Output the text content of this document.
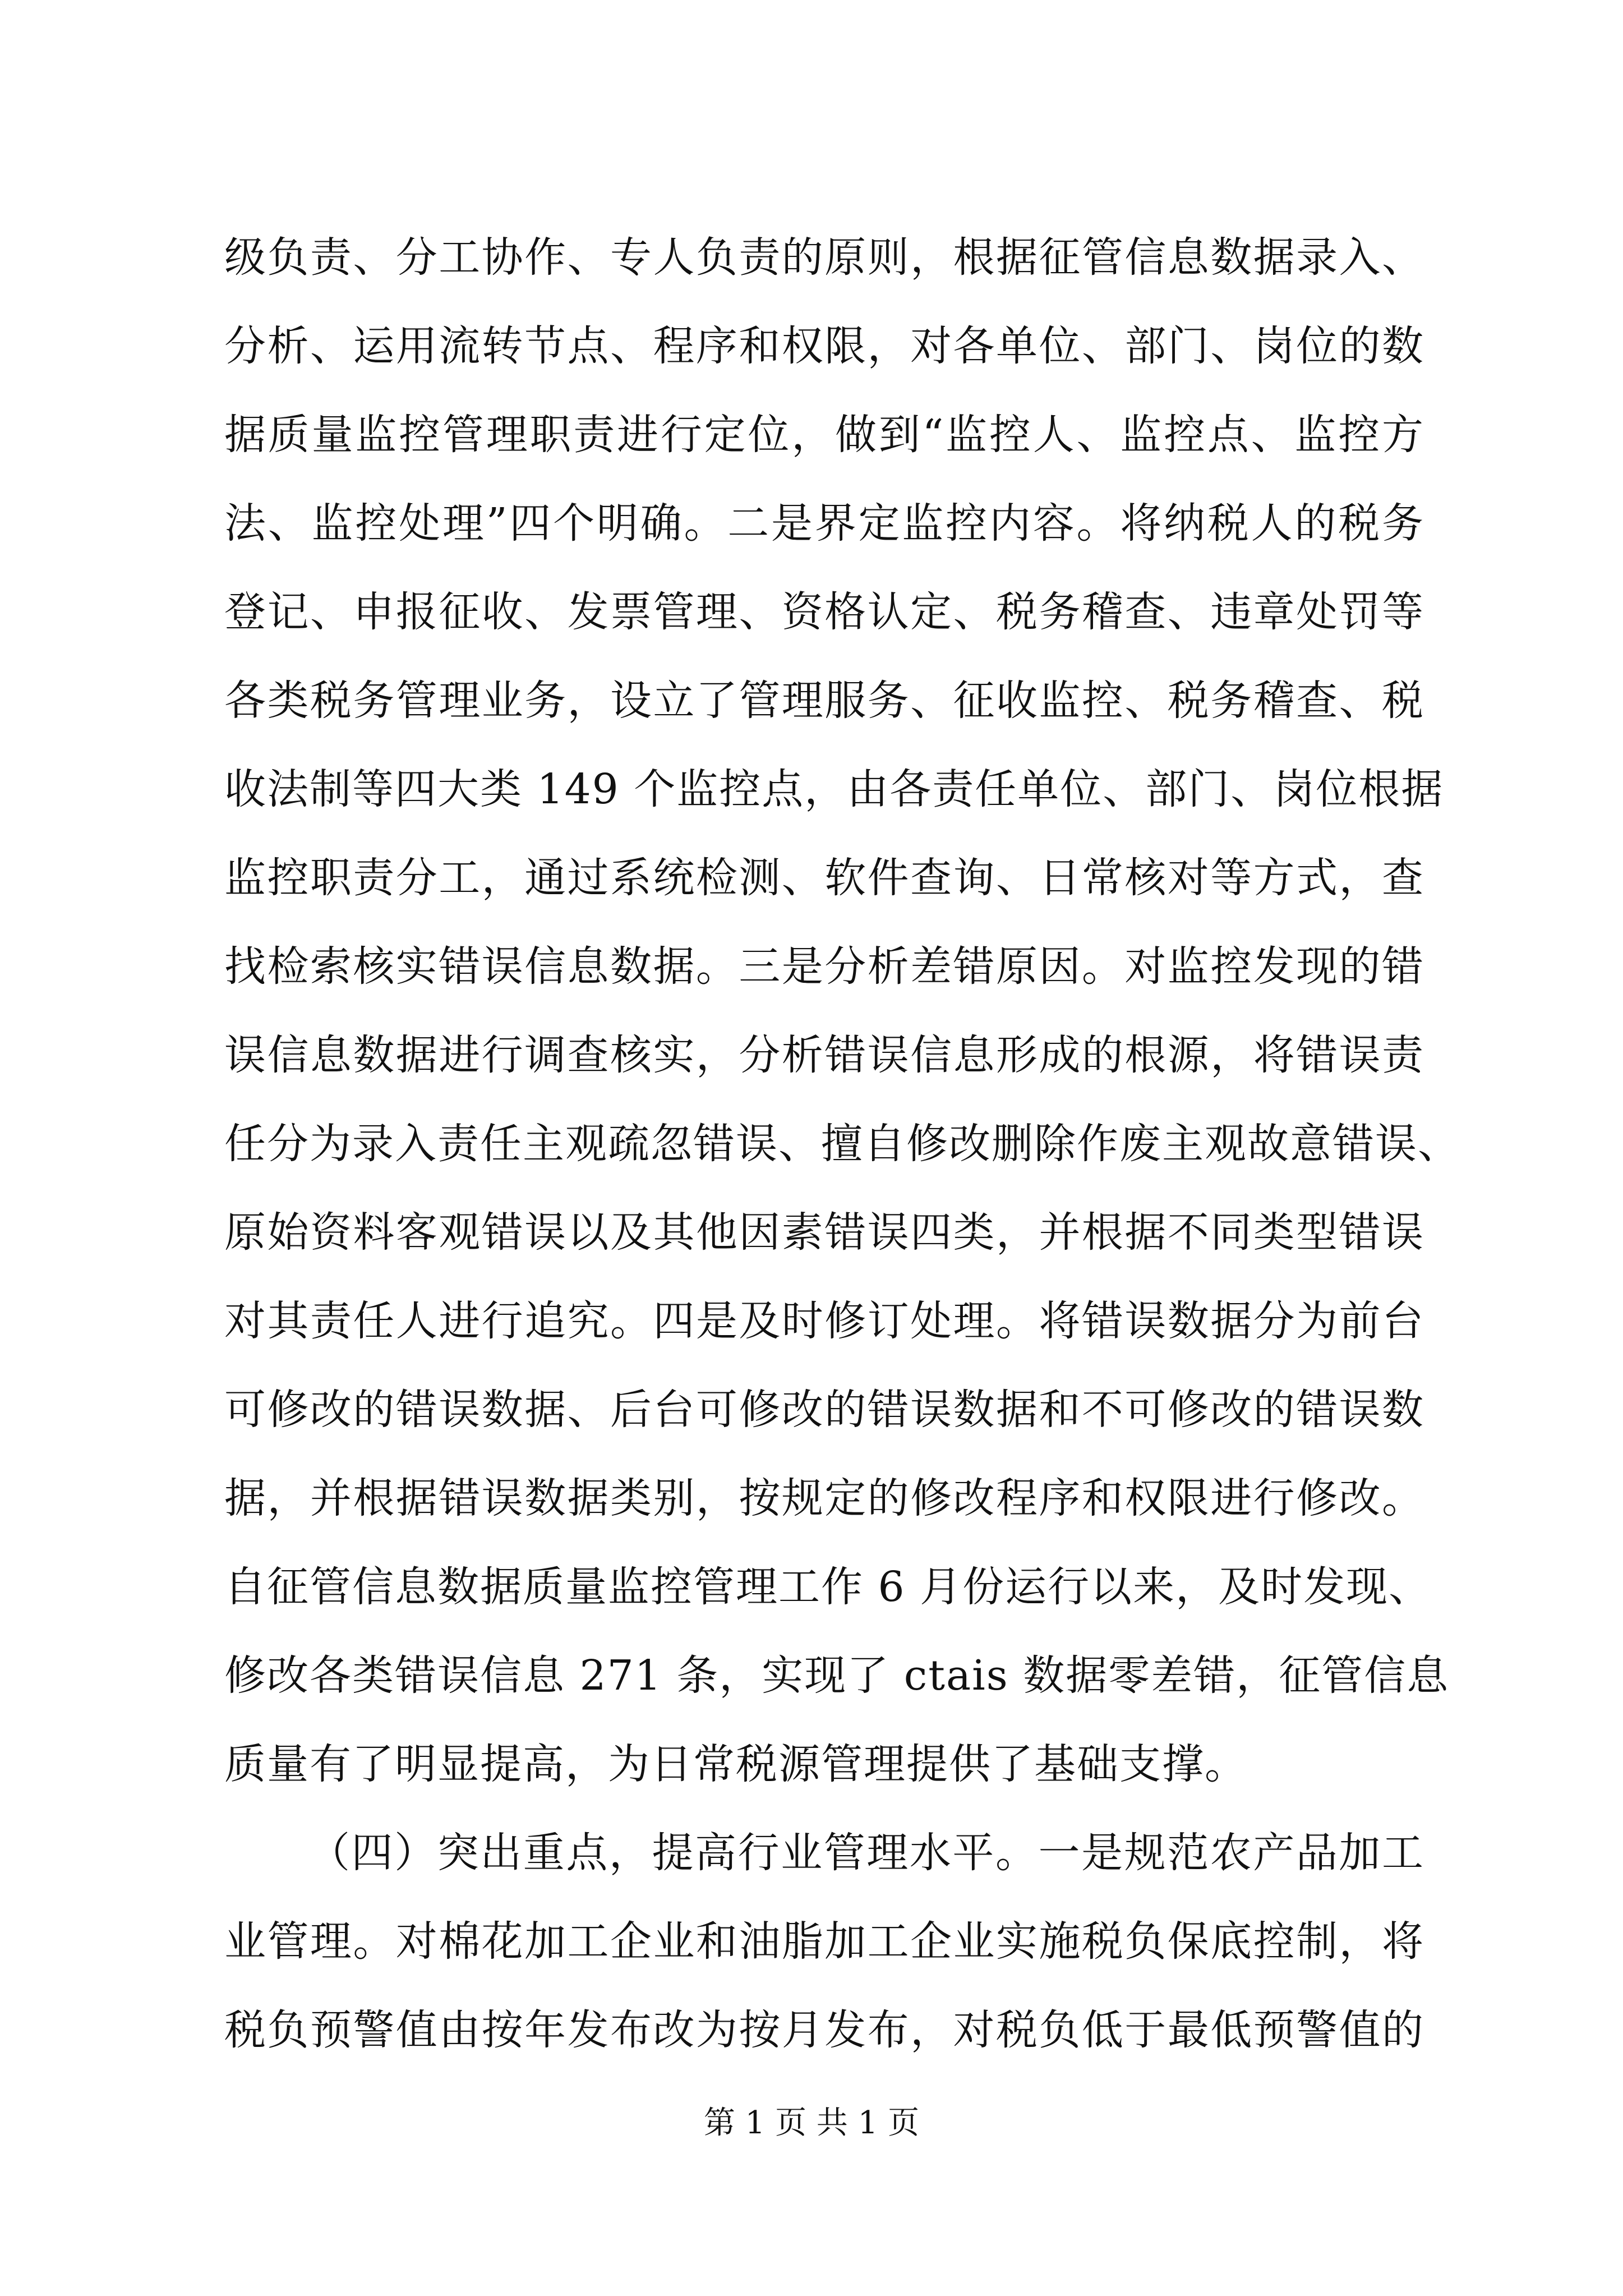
级负责、分工协作、专人负责的原则，根据征管信息数据录入、
分析、运用流转节点、程序和权限，对各单位、部门、岗位的数
据质量监控管理职责进行定位，做到“监控人、监控点、监控方
法、监控处理”四个明确。二是界定监控内容。将纳税人的税务
登记、申报征收、发票管理、资格认定、税务稽查、违章处罚等
各类税务管理业务，设立了管理服务、征收监控、税务稽查、税
收法制等四大类 149 个监控点，由各责任单位、部门、岗位根据
监控职责分工，通过系统检测、软件查询、日常核对等方式，查
找检索核实错误信息数据。三是分析差错原因。对监控发现的错
误信息数据进行调查核实，分析错误信息形成的根源，将错误责
任分为录入责任主观疏忽错误、擅自修改删除作废主观故意错误、
原始资料客观错误以及其他因素错误四类，并根据不同类型错误
对其责任人进行追究。四是及时修订处理。将错误数据分为前台
可修改的错误数据、后台可修改的错误数据和不可修改的错误数
据，并根据错误数据类别，按规定的修改程序和权限进行修改。
自征管信息数据质量监控管理工作 6 月份运行以来，及时发现、
修改各类错误信息 271 条，实现了 ctais 数据零差错，征管信息
质量有了明显提高，为日常税源管理提供了基础支撑。
（四）突出重点，提高行业管理水平。一是规范农产品加工
业管理。对棉花加工企业和油脂加工企业实施税负保底控制，将
税负预警值由按年发布改为按月发布，对税负低于最低预警值的
第 1 页 共 1 页
